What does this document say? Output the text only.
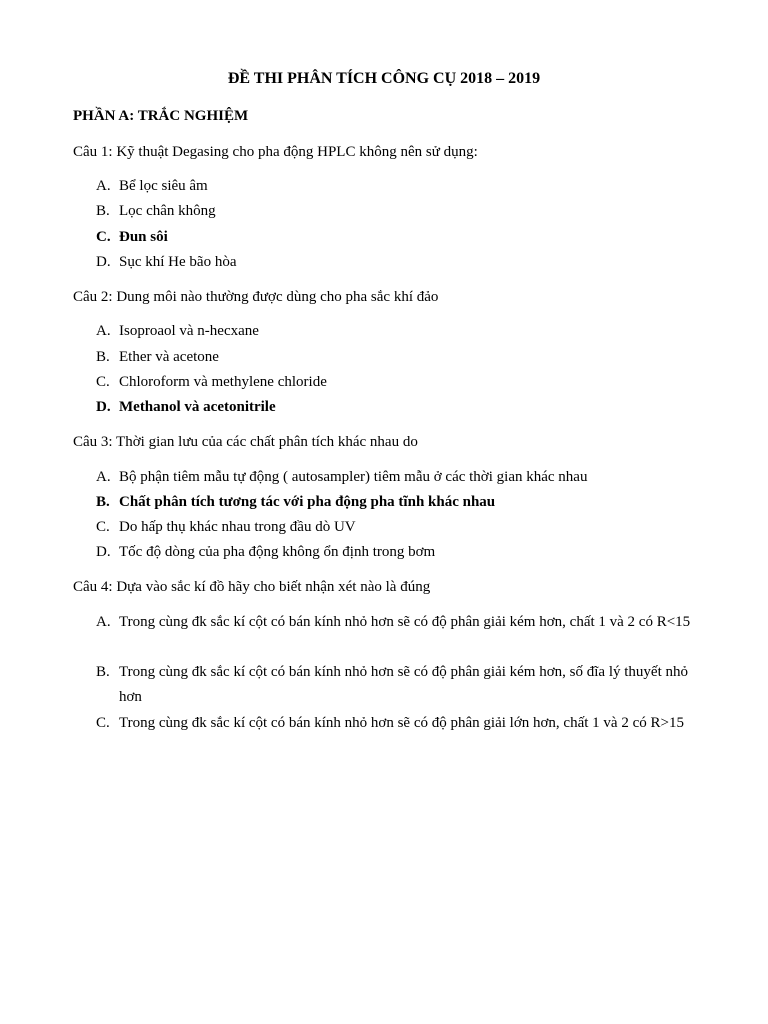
ĐỀ THI PHÂN TÍCH CÔNG CỤ 2018 – 2019
PHẦN A: TRẮC NGHIỆM
Câu 1: Kỹ thuật Degasing cho pha động HPLC không nên sử dụng:
A. Bể lọc siêu âm
B. Lọc chân không
C. Đun sôi
D. Sục khí He bão hòa
Câu 2: Dung môi nào thường được dùng cho pha sắc khí đảo
A. Isoproaol và n-hecxane
B. Ether và acetone
C. Chloroform và methylene chloride
D. Methanol và acetonitrile
Câu 3: Thời gian lưu của các chất phân tích khác nhau do
A. Bộ phận tiêm mẫu tự động ( autosampler) tiêm mẫu ở các thời gian khác nhau
B. Chất phân tích tương tác với pha động pha tĩnh khác nhau
C. Do hấp thụ khác nhau trong đầu dò UV
D. Tốc độ dòng của pha động không ổn định trong bơm
Câu 4: Dựa vào sắc kí đồ hãy cho biết nhận xét nào là đúng
A. Trong cùng đk sắc kí cột có bán kính nhỏ hơn sẽ có độ phân giải kém hơn, chất 1 và 2 có R<15
B. Trong cùng đk sắc kí cột có bán kính nhỏ hơn sẽ có độ phân giải kém hơn, số đĩa lý thuyết nhỏ hơn
C. Trong cùng đk sắc kí cột có bán kính nhỏ hơn sẽ có độ phân giải lớn hơn, chất 1 và 2 có R>15
